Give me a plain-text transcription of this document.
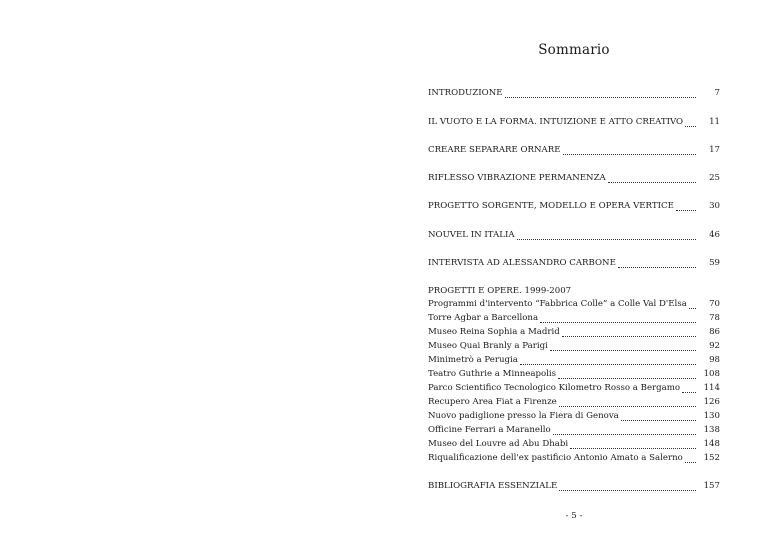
Sommario
INTRODUZIONE	7
IL VUOTO E LA FORMA. INTUIZIONE E ATTO CREATIVO	11
CREARE SEPARARE ORNARE	17
RIFLESSO VIBRAZIONE PERMANENZA	25
PROGETTO SORGENTE, MODELLO E OPERA VERTICE	30
NOUVEL IN ITALIA	46
INTERVISTA AD ALESSANDRO CARBONE	59
PROGETTI E OPERE. 1999-2007
Programmi d'intervento “Fabbrica Colle” a Colle Val D'Elsa	70
Torre Agbar a Barcellona	78
Museo Reina Sophia a Madrid	86
Museo Quai Branly a Parigi	92
Minimetrò a Perugia	98
Teatro Guthrie a Minneapolis	108
Parco Scientifico Tecnologico Kilometro Rosso a Bergamo	114
Recupero Area Fiat a Firenze	126
Nuovo padiglione presso la Fiera di Genova	130
Officine Ferrari a Maranello	138
Museo del Louvre ad Abu Dhabi	148
Riqualificazione dell'ex pastificio Antonio Amato a Salerno	152
BIBLIOGRAFIA ESSENZIALE	157
- 5 -
